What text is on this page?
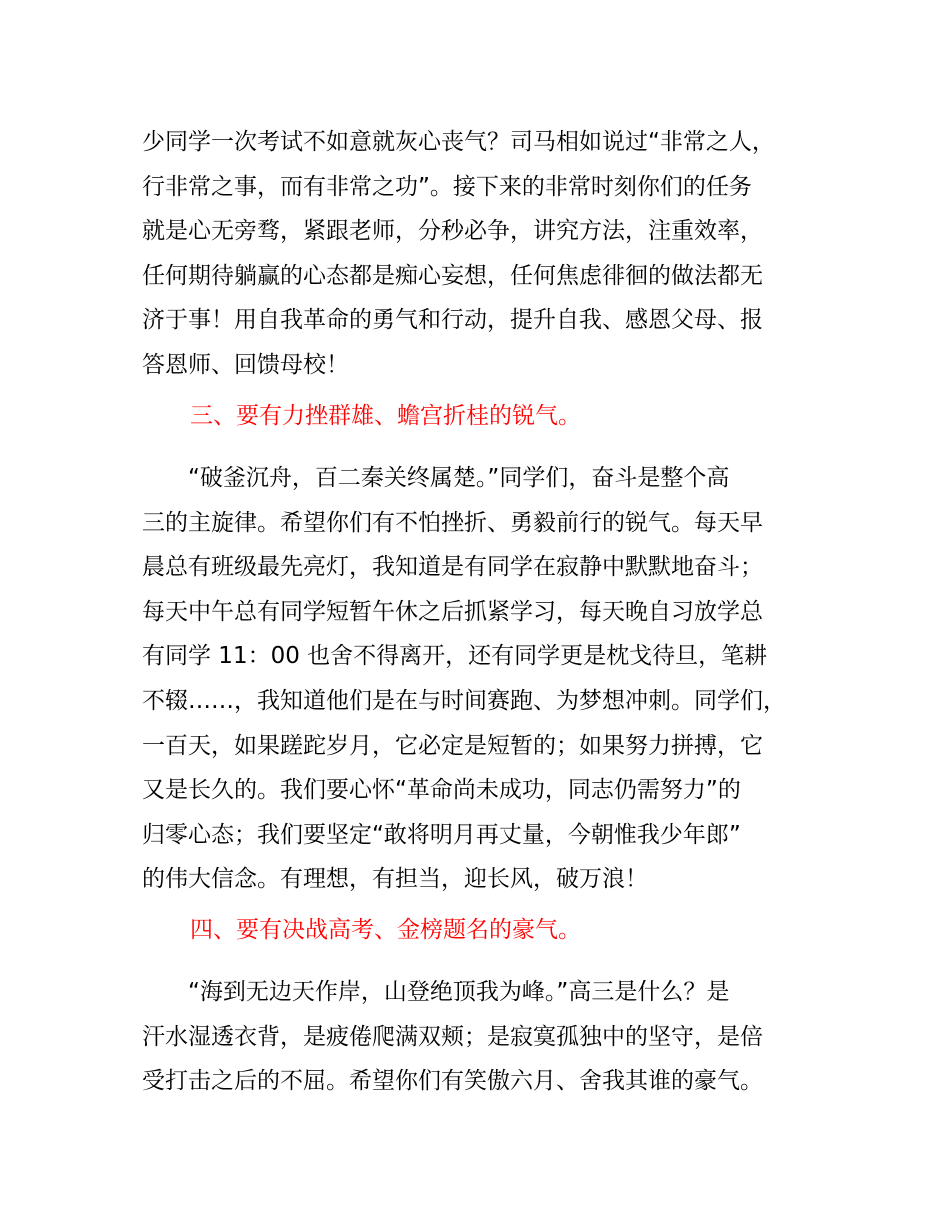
少同学一次考试不如意就灰心丧气？司马相如说过“非常之人，
行非常之事，而有非常之功”。接下来的非常时刻你们的任务
就是心无旁骛，紧跟老师，分秒必争，讲究方法，注重效率，
任何期待躺赢的心态都是痴心妄想，任何焦虑徘徊的做法都无
济于事！用自我革命的勇气和行动，提升自我、感恩父母、报
答恩师、回馈母校！
三、要有力挫群雄、蟾宫折桂的锐气。
　　“破釜沉舟，百二秦关终属楚。”同学们，奋斗是整个高
三的主旋律。希望你们有不怕挫折、勇毅前行的锐气。每天早
晨总有班级最先亮灯，我知道是有同学在寂静中默默地奋斗；
每天中午总有同学短暂午休之后抓紧学习，每天晚自习放学总
有同学 11：00 也舍不得离开，还有同学更是枕戈待旦，笔耕
不辍……，我知道他们是在与时间赛跑、为梦想冲刺。同学们，
一百天，如果蹉跎岁月，它必定是短暂的；如果努力拼搏，它
又是长久的。我们要心怀“革命尚未成功，同志仍需努力”的
归零心态；我们要坚定“敢将明月再丈量，今朝惟我少年郎”
的伟大信念。有理想，有担当，迎长风，破万浪！
四、要有决战高考、金榜题名的豪气。
　　“海到无边天作岸，山登绝顶我为峰。”高三是什么？是
汗水湿透衣背，是疲倦爬满双颊；是寂寞孤独中的坚守，是倍
受打击之后的不屈。希望你们有笑傲六月、舍我其谁的豪气。
